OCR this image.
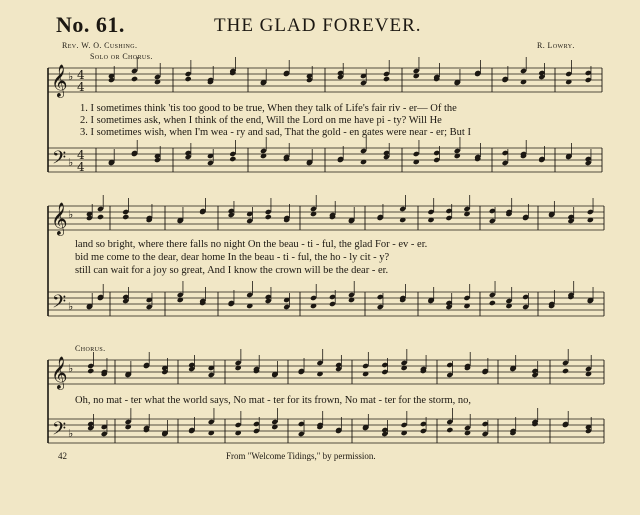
𝄞
𝄢
♭
♭
4
4
4
4
𝄞
𝄢
♭
♭
𝄞
𝄢
♭
♭
No. 61.	THE GLAD FOREVER.
Rev. W. O. Cushing.	R. Lowry.
Solo or Chorus.
1. I sometimes think 'tis too good to be true, When they talk of Life's fair riv - er— Of the
2. I sometimes ask, when I think of the end, Will the Lord on me have pi - ty? Will He
3. I sometimes wish, when I'm wea - ry and sad, That the gold - en gates were near - er; But I
land so bright, where there falls no night On the beau - ti - ful, the glad For - ev - er.
bid me come to the dear, dear home In the beau - ti - ful, the ho - ly cit - y?
still can wait for a joy so great, And I know the crown will be the dear - er.
Chorus.
Oh, no mat - ter what the world says, No mat - ter for its frown, No mat - ter for the storm, no,
42	From "Welcome Tidings," by permission.
